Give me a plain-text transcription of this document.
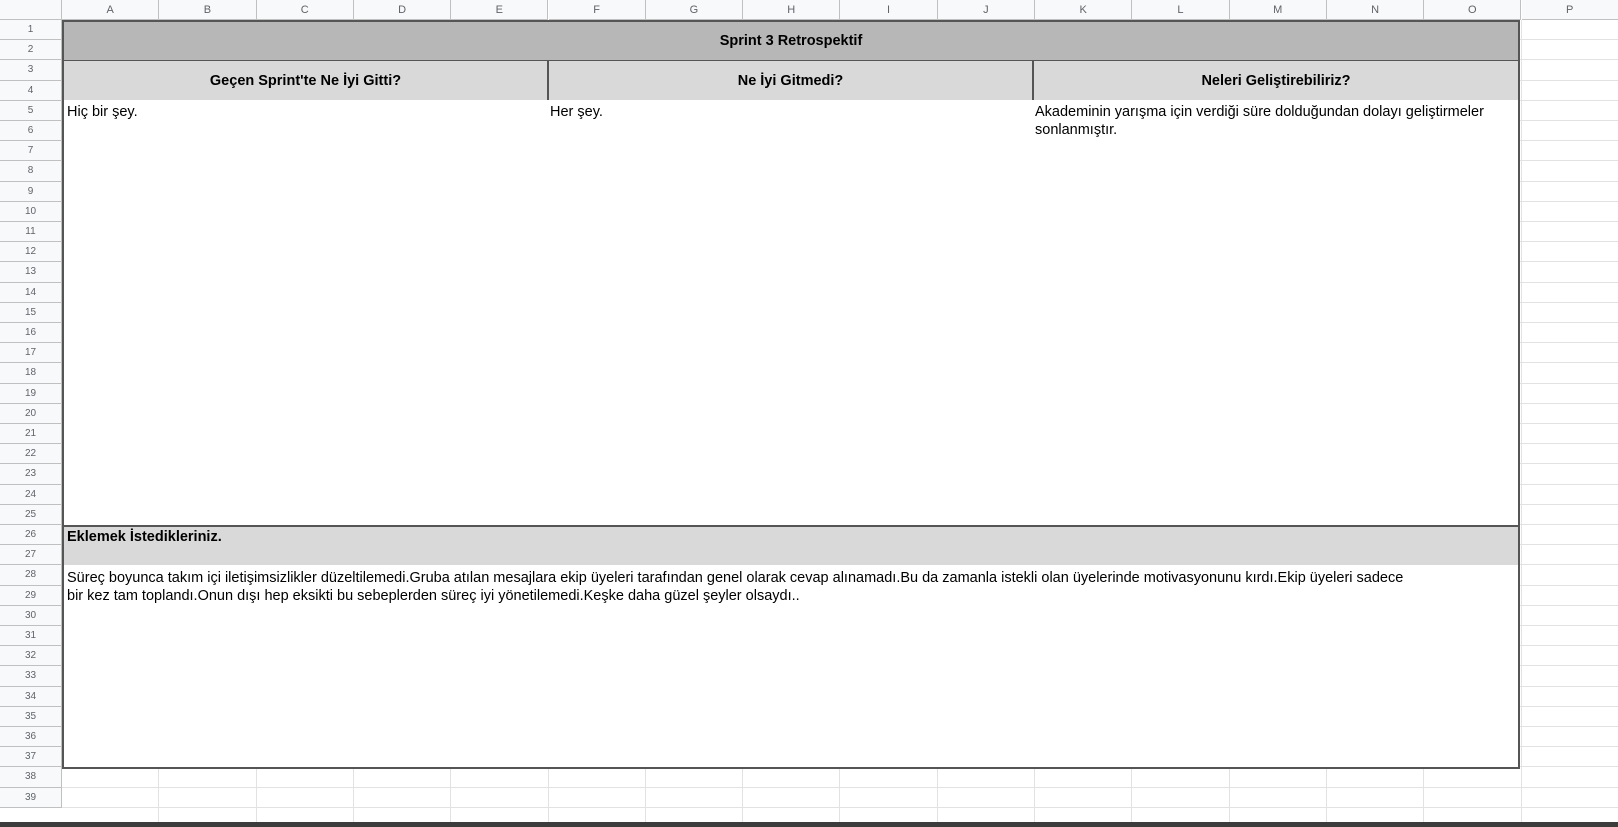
A	B	C	D	E	F	G	H	I	J	K	L	M	N	O	P
1
2
3
4
5
6
7
8
9
10
11
12
13
14
15
16
17
18
19
20
21
22
23
24
25
26
27
28
29
30
31
32
33
34
35
36
37
38
39
Sprint 3 Retrospektif
Geçen Sprint'te Ne İyi Gitti?	Ne İyi Gitmedi?	Neleri Geliştirebiliriz?
Hiç bir şey.	Her şey.	Akademinin yarışma için verdiği süre dolduğundan dolayı geliştirmeler sonlanmıştır.
Eklemek İstedikleriniz.
Süreç boyunca takım içi iletişimsizlikler düzeltilemedi.Gruba atılan mesajlara ekip üyeleri tarafından genel olarak cevap alınamadı.Bu da zamanla istekli olan üyelerinde motivasyonunu kırdı.Ekip üyeleri sadece
bir kez tam toplandı.Onun dışı hep eksikti bu sebeplerden süreç iyi yönetilemedi.Keşke daha güzel şeyler olsaydı..
